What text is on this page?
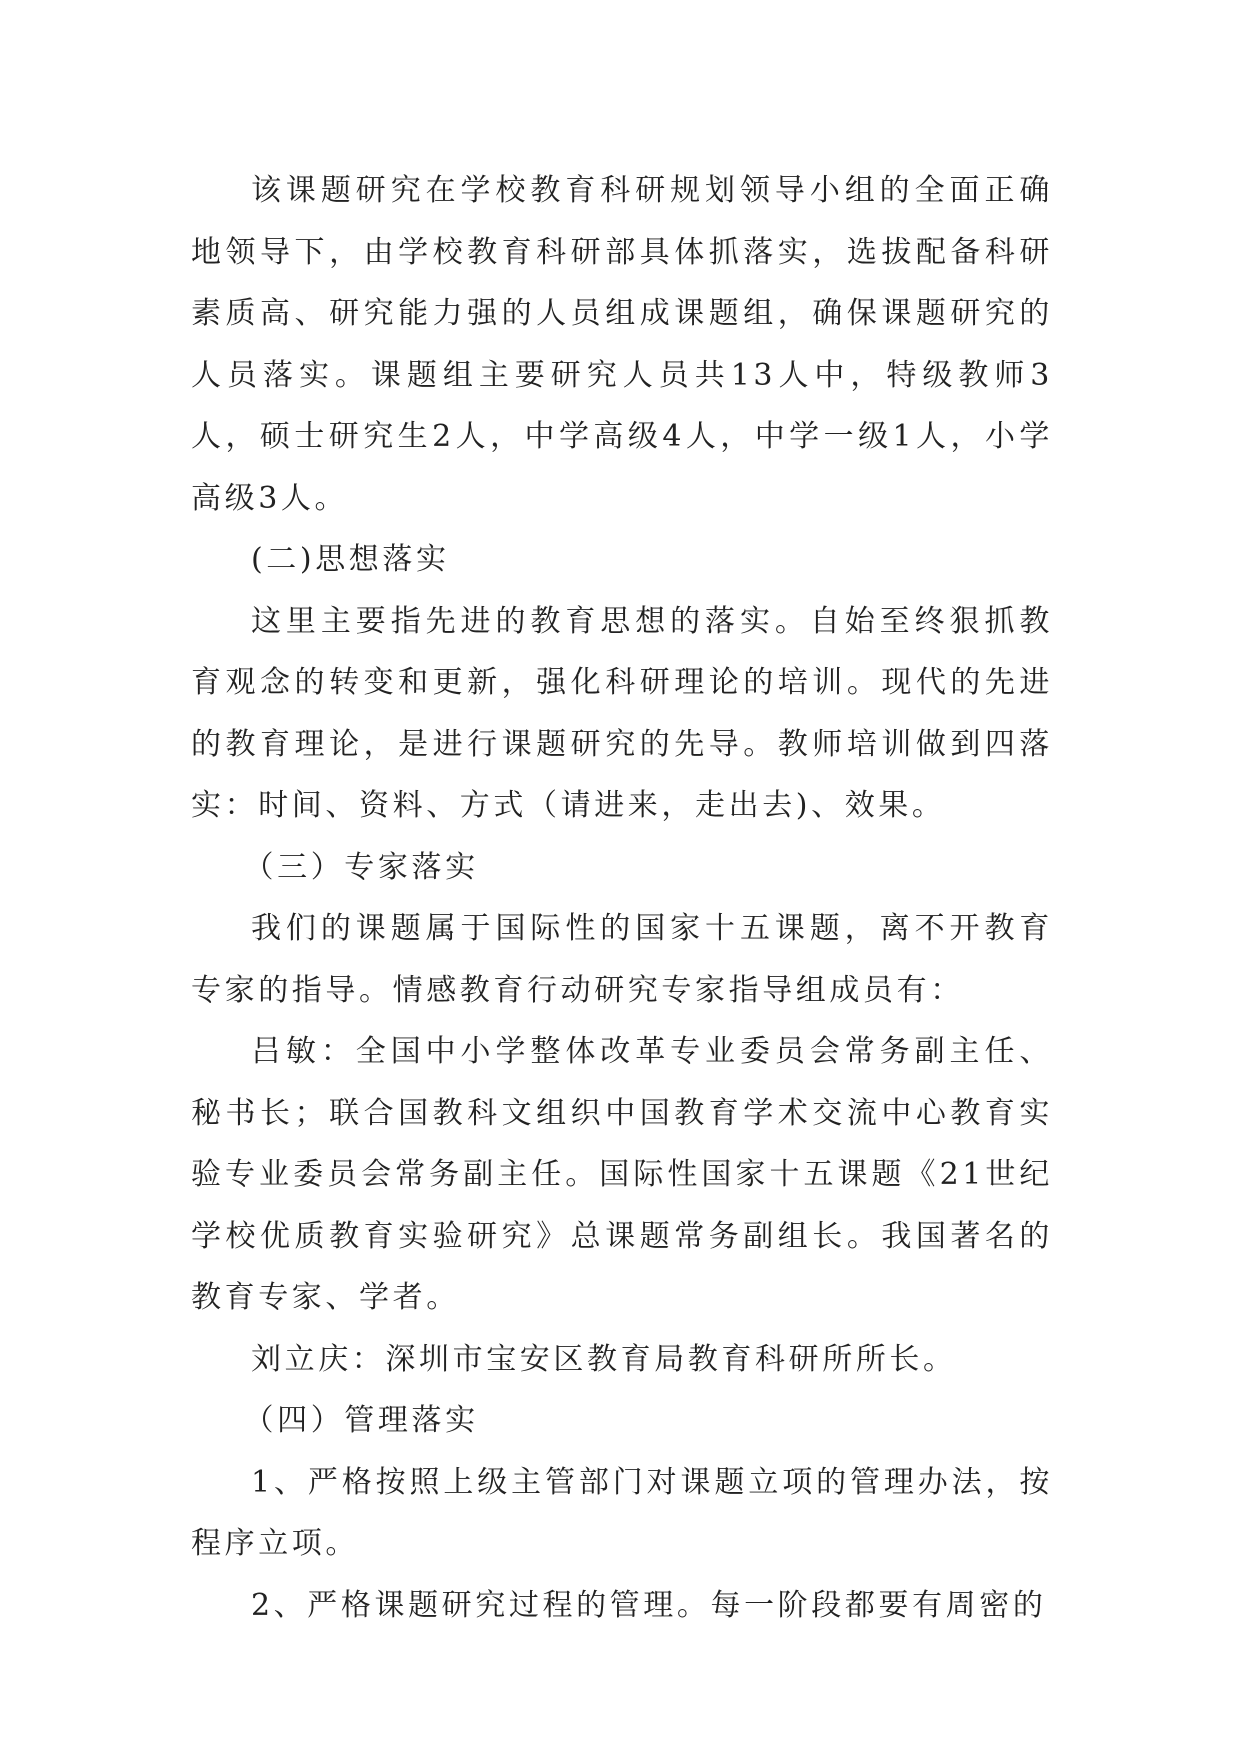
该课题研究在学校教育科研规划领导小组的全面正确地领导下，由学校教育科研部具体抓落实，选拔配备科研素质高、研究能力强的人员组成课题组，确保课题研究的人员落实。课题组主要研究人员共13人中，特级教师3人，硕士研究生2人，中学高级4人，中学一级1人，小学高级3人。

(二)思想落实

这里主要指先进的教育思想的落实。自始至终狠抓教育观念的转变和更新，强化科研理论的培训。现代的先进的教育理论，是进行课题研究的先导。教师培训做到四落实：时间、资料、方式（请进来，走出去)、效果。

（三）专家落实

我们的课题属于国际性的国家十五课题，离不开教育专家的指导。情感教育行动研究专家指导组成员有：

吕敏：全国中小学整体改革专业委员会常务副主任、秘书长；联合国教科文组织中国教育学术交流中心教育实验专业委员会常务副主任。国际性国家十五课题《21世纪学校优质教育实验研究》总课题常务副组长。我国著名的教育专家、学者。

刘立庆：深圳市宝安区教育局教育科研所所长。

（四）管理落实

1、严格按照上级主管部门对课题立项的管理办法，按程序立项。

2、严格课题研究过程的管理。每一阶段都要有周密的
